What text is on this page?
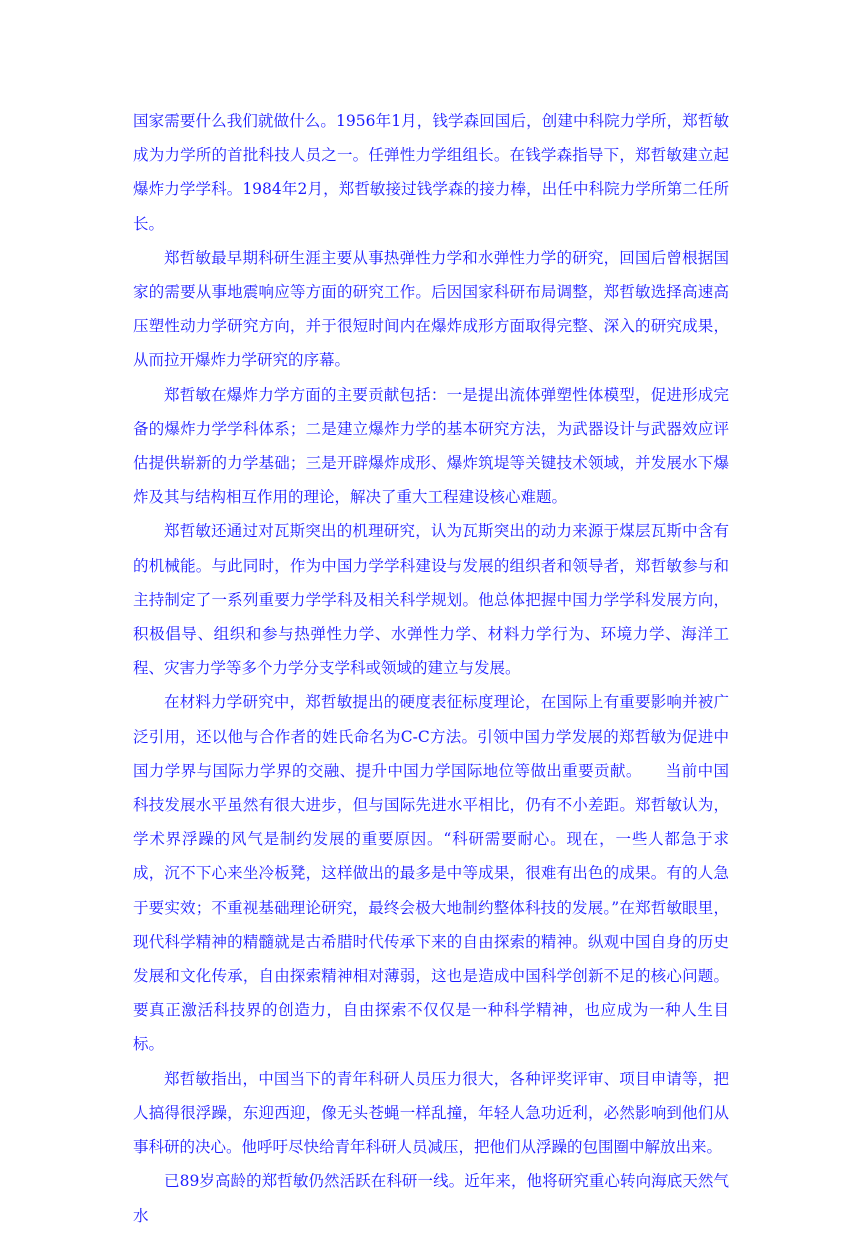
国家需要什么我们就做什么。1956年1月，钱学森回国后，创建中科院力学所，郑哲敏成为力学所的首批科技人员之一。任弹性力学组组长。在钱学森指导下，郑哲敏建立起爆炸力学学科。1984年2月，郑哲敏接过钱学森的接力棒，出任中科院力学所第二任所长。

郑哲敏最早期科研生涯主要从事热弹性力学和水弹性力学的研究，回国后曾根据国家的需要从事地震响应等方面的研究工作。后因国家科研布局调整，郑哲敏选择高速高压塑性动力学研究方向，并于很短时间内在爆炸成形方面取得完整、深入的研究成果，从而拉开爆炸力学研究的序幕。

郑哲敏在爆炸力学方面的主要贡献包括：一是提出流体弹塑性体模型，促进形成完备的爆炸力学学科体系；二是建立爆炸力学的基本研究方法，为武器设计与武器效应评估提供崭新的力学基础；三是开辟爆炸成形、爆炸筑堤等关键技术领域，并发展水下爆炸及其与结构相互作用的理论，解决了重大工程建设核心难题。

郑哲敏还通过对瓦斯突出的机理研究，认为瓦斯突出的动力来源于煤层瓦斯中含有的机械能。与此同时，作为中国力学学科建设与发展的组织者和领导者，郑哲敏参与和主持制定了一系列重要力学学科及相关科学规划。他总体把握中国力学学科发展方向，积极倡导、组织和参与热弹性力学、水弹性力学、材料力学行为、环境力学、海洋工程、灾害力学等多个力学分支学科或领域的建立与发展。

在材料力学研究中，郑哲敏提出的硬度表征标度理论，在国际上有重要影响并被广泛引用，还以他与合作者的姓氏命名为C-C方法。引领中国力学发展的郑哲敏为促进中国力学界与国际力学界的交融、提升中国力学国际地位等做出重要贡献。　　当前中国科技发展水平虽然有很大进步，但与国际先进水平相比，仍有不小差距。郑哲敏认为，学术界浮躁的风气是制约发展的重要原因。“科研需要耐心。现在，一些人都急于求成，沉不下心来坐冷板凳，这样做出的最多是中等成果，很难有出色的成果。有的人急于要实效；不重视基础理论研究，最终会极大地制约整体科技的发展。”在郑哲敏眼里，现代科学精神的精髓就是古希腊时代传承下来的自由探索的精神。纵观中国自身的历史发展和文化传承，自由探索精神相对薄弱，这也是造成中国科学创新不足的核心问题。要真正激活科技界的创造力，自由探索不仅仅是一种科学精神，也应成为一种人生目标。

郑哲敏指出，中国当下的青年科研人员压力很大，各种评奖评审、项目申请等，把人搞得很浮躁，东迎西迎，像无头苍蝇一样乱撞，年轻人急功近利，必然影响到他们从事科研的决心。他呼吁尽快给青年科研人员减压，把他们从浮躁的包围圈中解放出来。

已89岁高龄的郑哲敏仍然活跃在科研一线。近年来，他将研究重心转向海底天然气水
